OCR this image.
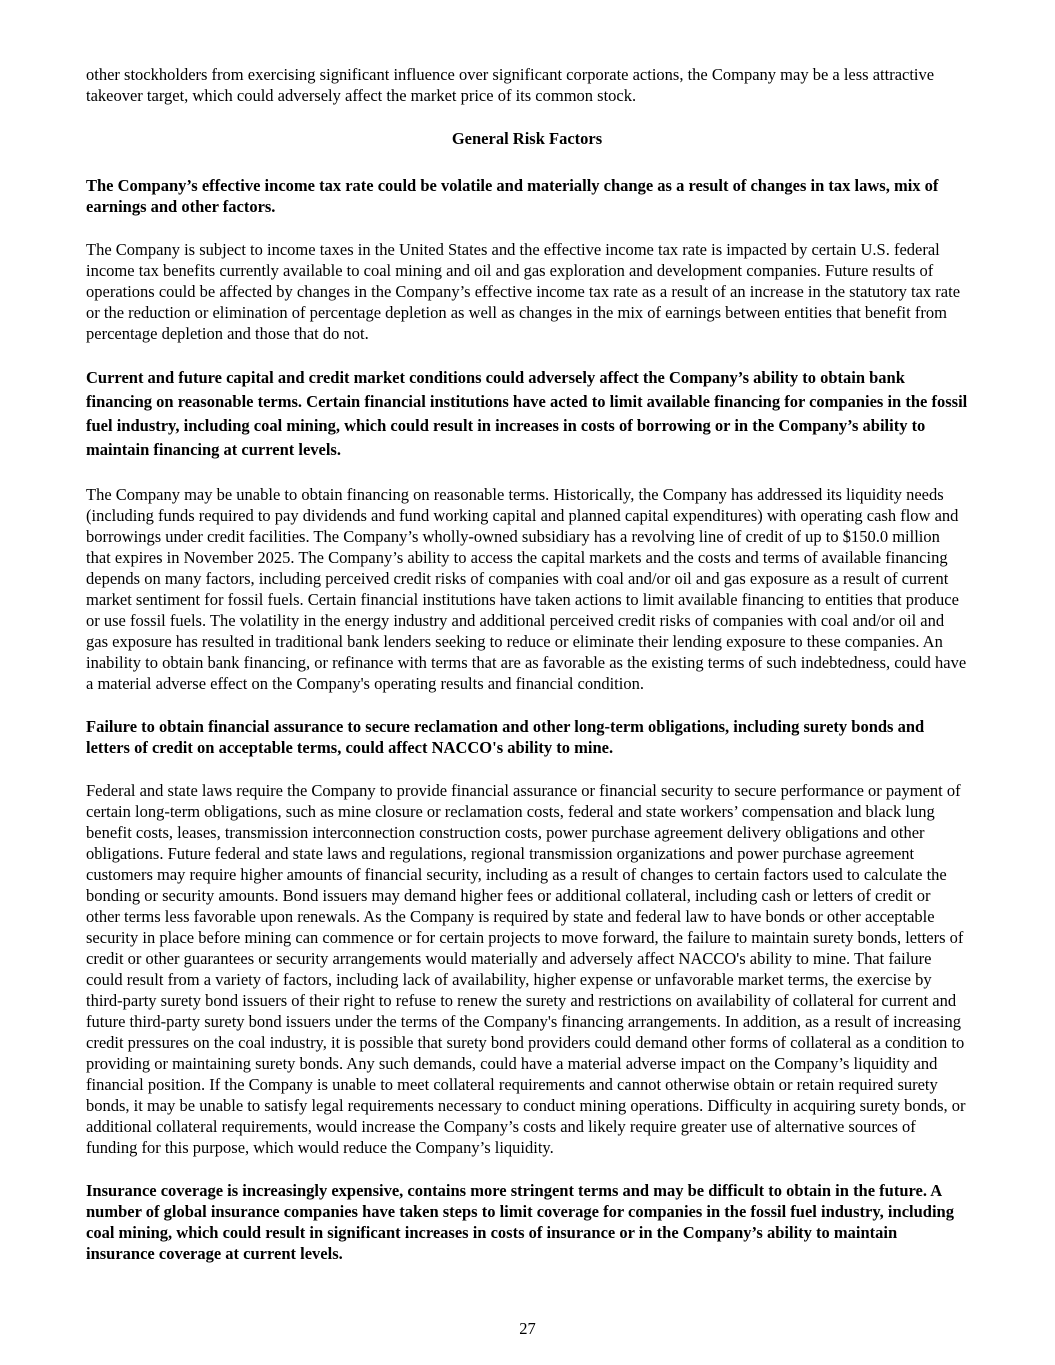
other stockholders from exercising significant influence over significant corporate actions, the Company may be a less attractive takeover target, which could adversely affect the market price of its common stock.

General Risk Factors

The Company’s effective income tax rate could be volatile and materially change as a result of changes in tax laws, mix of earnings and other factors.

The Company is subject to income taxes in the United States and the effective income tax rate is impacted by certain U.S. federal income tax benefits currently available to coal mining and oil and gas exploration and development companies. Future results of operations could be affected by changes in the Company’s effective income tax rate as a result of an increase in the statutory tax rate or the reduction or elimination of percentage depletion as well as changes in the mix of earnings between entities that benefit from percentage depletion and those that do not.

Current and future capital and credit market conditions could adversely affect the Company’s ability to obtain bank financing on reasonable terms. Certain financial institutions have acted to limit available financing for companies in the fossil fuel industry, including coal mining, which could result in increases in costs of borrowing or in the Company’s ability to maintain financing at current levels.

The Company may be unable to obtain financing on reasonable terms. Historically, the Company has addressed its liquidity needs (including funds required to pay dividends and fund working capital and planned capital expenditures) with operating cash flow and borrowings under credit facilities. The Company’s wholly-owned subsidiary has a revolving line of credit of up to $150.0 million that expires in November 2025. The Company’s ability to access the capital markets and the costs and terms of available financing depends on many factors, including perceived credit risks of companies with coal and/or oil and gas exposure as a result of current market sentiment for fossil fuels. Certain financial institutions have taken actions to limit available financing to entities that produce or use fossil fuels. The volatility in the energy industry and additional perceived credit risks of companies with coal and/or oil and gas exposure has resulted in traditional bank lenders seeking to reduce or eliminate their lending exposure to these companies. An inability to obtain bank financing, or refinance with terms that are as favorable as the existing terms of such indebtedness, could have a material adverse effect on the Company's operating results and financial condition.

Failure to obtain financial assurance to secure reclamation and other long-term obligations, including surety bonds and letters of credit on acceptable terms, could affect NACCO's ability to mine.

Federal and state laws require the Company to provide financial assurance or financial security to secure performance or payment of certain long-term obligations, such as mine closure or reclamation costs, federal and state workers’ compensation and black lung benefit costs, leases, transmission interconnection construction costs, power purchase agreement delivery obligations and other obligations. Future federal and state laws and regulations, regional transmission organizations and power purchase agreement customers may require higher amounts of financial security, including as a result of changes to certain factors used to calculate the bonding or security amounts. Bond issuers may demand higher fees or additional collateral, including cash or letters of credit or other terms less favorable upon renewals. As the Company is required by state and federal law to have bonds or other acceptable security in place before mining can commence or for certain projects to move forward, the failure to maintain surety bonds, letters of credit or other guarantees or security arrangements would materially and adversely affect NACCO's ability to mine. That failure could result from a variety of factors, including lack of availability, higher expense or unfavorable market terms, the exercise by third-party surety bond issuers of their right to refuse to renew the surety and restrictions on availability of collateral for current and future third-party surety bond issuers under the terms of the Company's financing arrangements. In addition, as a result of increasing credit pressures on the coal industry, it is possible that surety bond providers could demand other forms of collateral as a condition to providing or maintaining surety bonds. Any such demands, could have a material adverse impact on the Company’s liquidity and financial position. If the Company is unable to meet collateral requirements and cannot otherwise obtain or retain required surety bonds, it may be unable to satisfy legal requirements necessary to conduct mining operations. Difficulty in acquiring surety bonds, or additional collateral requirements, would increase the Company’s costs and likely require greater use of alternative sources of funding for this purpose, which would reduce the Company’s liquidity.

Insurance coverage is increasingly expensive, contains more stringent terms and may be difficult to obtain in the future. A number of global insurance companies have taken steps to limit coverage for companies in the fossil fuel industry, including coal mining, which could result in significant increases in costs of insurance or in the Company’s ability to maintain insurance coverage at current levels.

27
